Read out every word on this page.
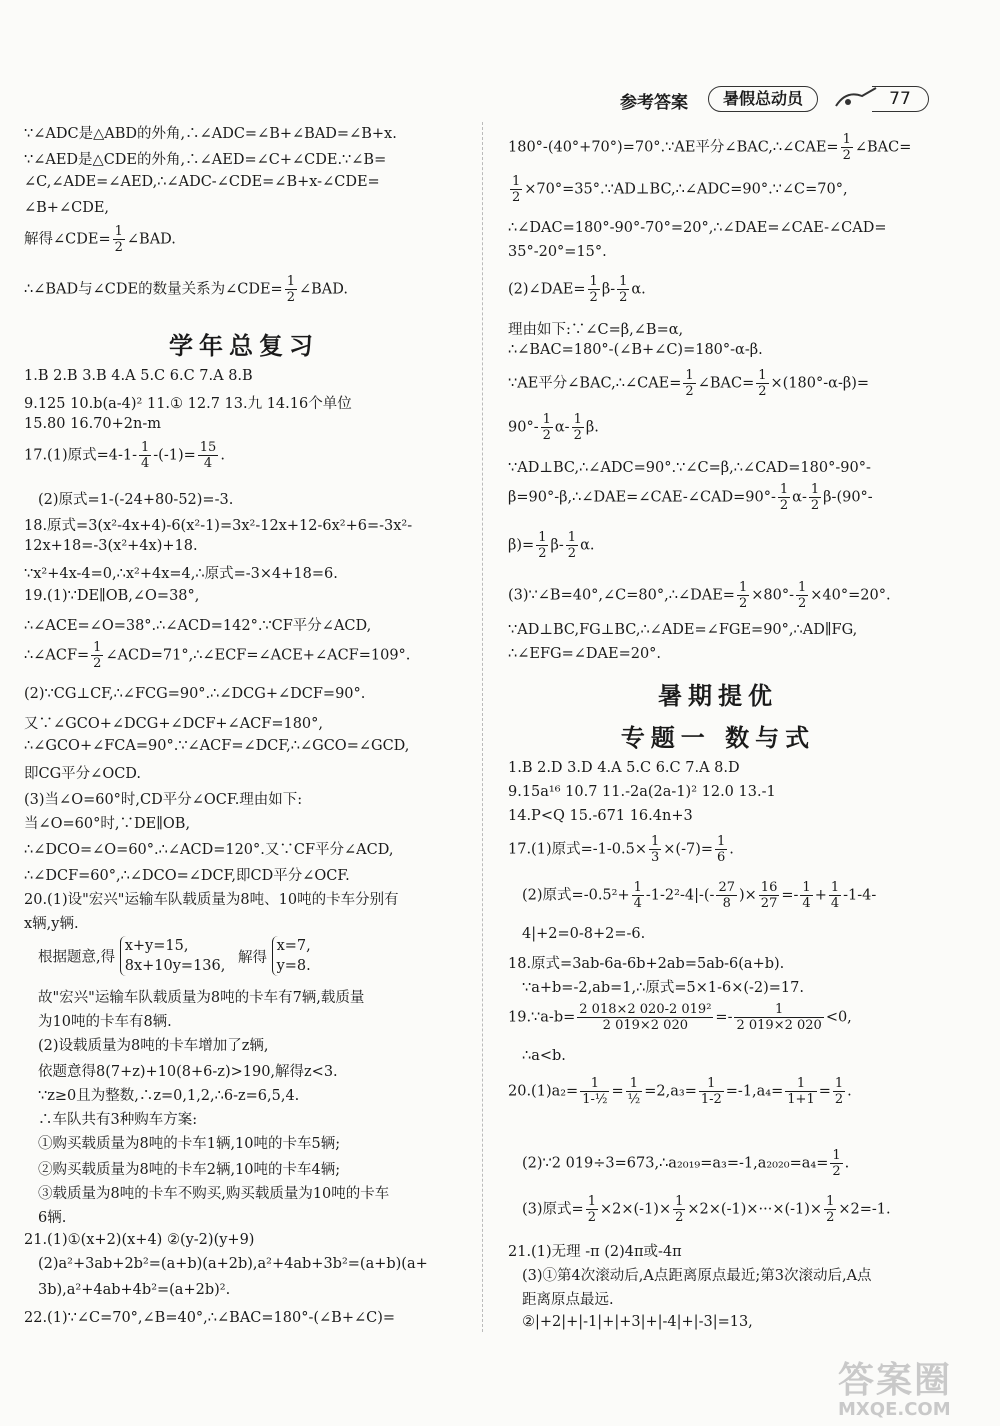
参考答案	暑假总动员	77
∵∠ADC是△ABD的外角,∴∠ADC=∠B+∠BAD=∠B+x.
∵∠AED是△CDE的外角,∴∠AED=∠C+∠CDE.∵∠B=
∠C,∠ADE=∠AED,∴∠ADC-∠CDE=∠B+x-∠CDE=
∠B+∠CDE,
解得∠CDE= $\frac{1}{2}$ ∠BAD.
∴∠BAD与∠CDE的数量关系为∠CDE= $\frac{1}{2}$ ∠BAD.
学年总复习
1.B 2.B 3.B 4.A 5.C 6.C 7.A 8.B
9.125 10.b(a-4)² 11.① 12.7 13.九 14.16个单位
15.80 16.70+2n-m
17.(1)原式$=4-1- \frac{1}{4} -(-1)= \frac{15}{4}$ .
(2)原式=1-(-24+80-52)=-3.
18.原式=3(x²-4x+4)-6(x²-1)=3x²-12x+12-6x²+6=-3x²-
12x+18=-3(x²+4x)+18.
∵x²+4x-4=0,∴x²+4x=4,∴原式=-3×4+18=6.
19.(1)∵DE∥OB,∠O=38°,
∴∠ACE=∠O=38°.∴∠ACD=142°.∵CF平分∠ACD,
∴∠ACF= $\frac{1}{2}$ ∠ACD=71°,∴∠ECF=∠ACE+∠ACF=109°.
(2)∵CG⊥CF,∴∠FCG=90°.∴∠DCG+∠DCF=90°.
又∵∠GCO+∠DCG+∠DCF+∠ACF=180°,
∴∠GCO+∠FCA=90°.∵∠ACF=∠DCF,∴∠GCO=∠GCD,
即CG平分∠OCD.
(3)当∠O=60°时,CD平分∠OCF.理由如下:
当∠O=60°时,∵DE∥OB,
∴∠DCO=∠O=60°.∴∠ACD=120°.又∵CF平分∠ACD,
∴∠DCF=60°,∴∠DCO=∠DCF,即CD平分∠OCF.
20.(1)设"宏兴"运输车队载质量为8吨、10吨的卡车分别有
x辆,y辆.
根据题意,得
x+y=15,
8x+10y=136,
解得
x=7,
y=8.
故"宏兴"运输车队载质量为8吨的卡车有7辆,载质量
为10吨的卡车有8辆.
(2)设载质量为8吨的卡车增加了z辆,
依题意得8(7+z)+10(8+6-z)>190,解得z<3.
∵z≥0且为整数,∴z=0,1,2,∴6-z=6,5,4.
∴车队共有3种购车方案:
①购买载质量为8吨的卡车1辆,10吨的卡车5辆;
②购买载质量为8吨的卡车2辆,10吨的卡车4辆;
③载质量为8吨的卡车不购买,购买载质量为10吨的卡车
6辆.
21.(1)①(x+2)(x+4) ②(y-2)(y+9)
(2)a²+3ab+2b²=(a+b)(a+2b),a²+4ab+3b²=(a+b)(a+
3b),a²+4ab+4b²=(a+2b)².
22.(1)∵∠C=70°,∠B=40°,∴∠BAC=180°-(∠B+∠C)=
180°-(40°+70°)=70°.∵AE平分∠BAC,∴∠CAE= $\frac{1}{2}$ ∠BAC=
$\frac{1}{2}$ ×70°=35°.∵AD⊥BC,∴∠ADC=90°.∵∠C=70°,
∴∠DAC=180°-90°-70°=20°,∴∠DAE=∠CAE-∠CAD=
35°-20°=15°.
(2)∠DAE= $\frac{1}{2} \beta- \frac{1}{2} \alpha$.
理由如下:∵∠C=β,∠B=α,
∴∠BAC=180°-(∠B+∠C)=180°-α-β.
∵AE平分∠BAC,∴∠CAE= $\frac{1}{2}$ ∠BAC= $\frac{1}{2} \times(180^\circ-\alpha-\beta)=$
$90^\circ- \frac{1}{2} \alpha- \frac{1}{2} \beta$.
∵AD⊥BC,∴∠ADC=90°.∵∠C=β,∴∠CAD=180°-90°-
β=90°-β,∴∠DAE=∠CAE-∠CAD=90°- $\frac{1}{2} \alpha- \frac{1}{2} \beta-(90^\circ-$
$\beta)= \frac{1}{2} \beta- \frac{1}{2} \alpha$.
(3)∵∠B=40°,∠C=80°,∴∠DAE= $\frac{1}{2} \times 80^\circ- \frac{1}{2} \times 40^\circ=20^\circ$.
∵AD⊥BC,FG⊥BC,∴∠ADE=∠FGE=90°,∴AD∥FG,
∴∠EFG=∠DAE=20°.
暑期提优
专题一 数与式
1.B 2.D 3.D 4.A 5.C 6.C 7.A 8.D
9.15a¹⁶ 10.7 11.-2a(2a-1)² 12.0 13.-1
14.P<Q 15.-671 16.4n+3
17.(1)原式$=-1-0.5\times \frac{1}{3} \times(-7)= \frac{1}{6}$ .
(2)原式$=-0.5^2+ \frac{1}{4} -1-2^2-4|-(- \frac{27}{8}$ )× $\frac{16}{27} =- \frac{1}{4} + \frac{1}{4} -1-4-$
4|+2=0-8+2=-6.
18.原式=3ab-6a-6b+2ab=5ab-6(a+b).
∵a+b=-2,ab=1,∴原式=5×1-6×(-2)=17.
19.∵a-b= $\frac{\text{2 018×2 020-2 019²}}{2 019\times 2 020} =- \frac{1}{2 019\times 2 020} <0$,
∴a<b.
$20.(1)a_2= \frac{1}{\text{1-½}} = \frac{1}{\text{½}} =2,a_3= \frac{1}{1-2} =-1,a_4= \frac{1}{1+1} = \frac{1}{2}$ .
(2)∵2 019÷3=673,∴a₂₀₁₉=a₃=-1,a₂₀₂₀=a₄= $\frac{1}{2}$ .
(3)原式= $\frac{1}{2} \times 2\times(-1)\times \frac{1}{2} \times 2\times(-1)\times\cdot\cdot\cdot\times(-1)\times \frac{1}{2} \times 2=-1$.
21.(1)无理 -π (2)4π或-4π
(3)①第4次滚动后,A点距离原点最近;第3次滚动后,A点
距离原点最远.
②|+2|+|-1|+|+3|+|-4|+|-3|=13,
答案圈
MXQE.COM
